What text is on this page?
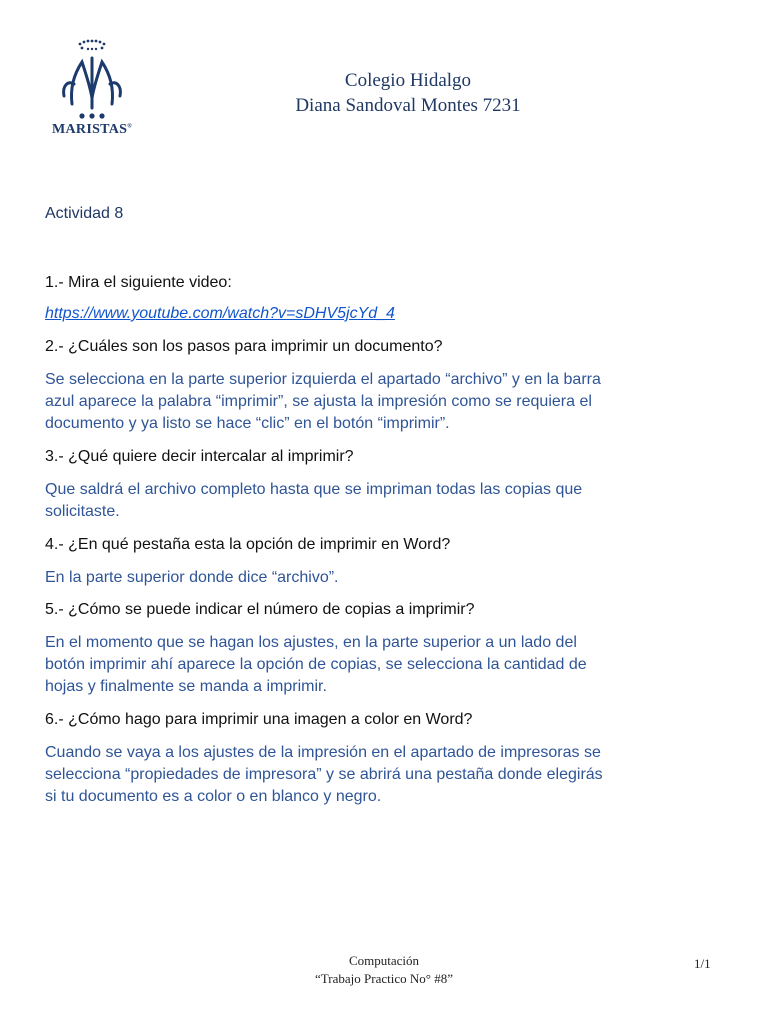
MARISTAS®
Colegio Hidalgo
Diana Sandoval Montes 7231
Actividad 8
1.- Mira el siguiente video:
https://www.youtube.com/watch?v=sDHV5jcYd_4
2.- ¿Cuáles son los pasos para imprimir un documento?
Se selecciona en la parte superior izquierda el apartado “archivo” y en la barra
azul aparece la palabra “imprimir”, se ajusta la impresión como se requiera el
documento y ya listo se hace “clic” en el botón “imprimir”.
3.- ¿Qué quiere decir intercalar al imprimir?
Que saldrá el archivo completo hasta que se impriman todas las copias que
solicitaste.
4.- ¿En qué pestaña esta la opción de imprimir en Word?
En la parte superior donde dice “archivo”.
5.- ¿Cómo se puede indicar el número de copias a imprimir?
En el momento que se hagan los ajustes, en la parte superior a un lado del
botón imprimir ahí aparece la opción de copias, se selecciona la cantidad de
hojas y finalmente se manda a imprimir.
6.- ¿Cómo hago para imprimir una imagen a color en Word?
Cuando se vaya a los ajustes de la impresión en el apartado de impresoras se
selecciona “propiedades de impresora” y se abrirá una pestaña donde elegirás
si tu documento es a color o en blanco y negro.
Computación
“Trabajo Practico No° #8”
1/1
